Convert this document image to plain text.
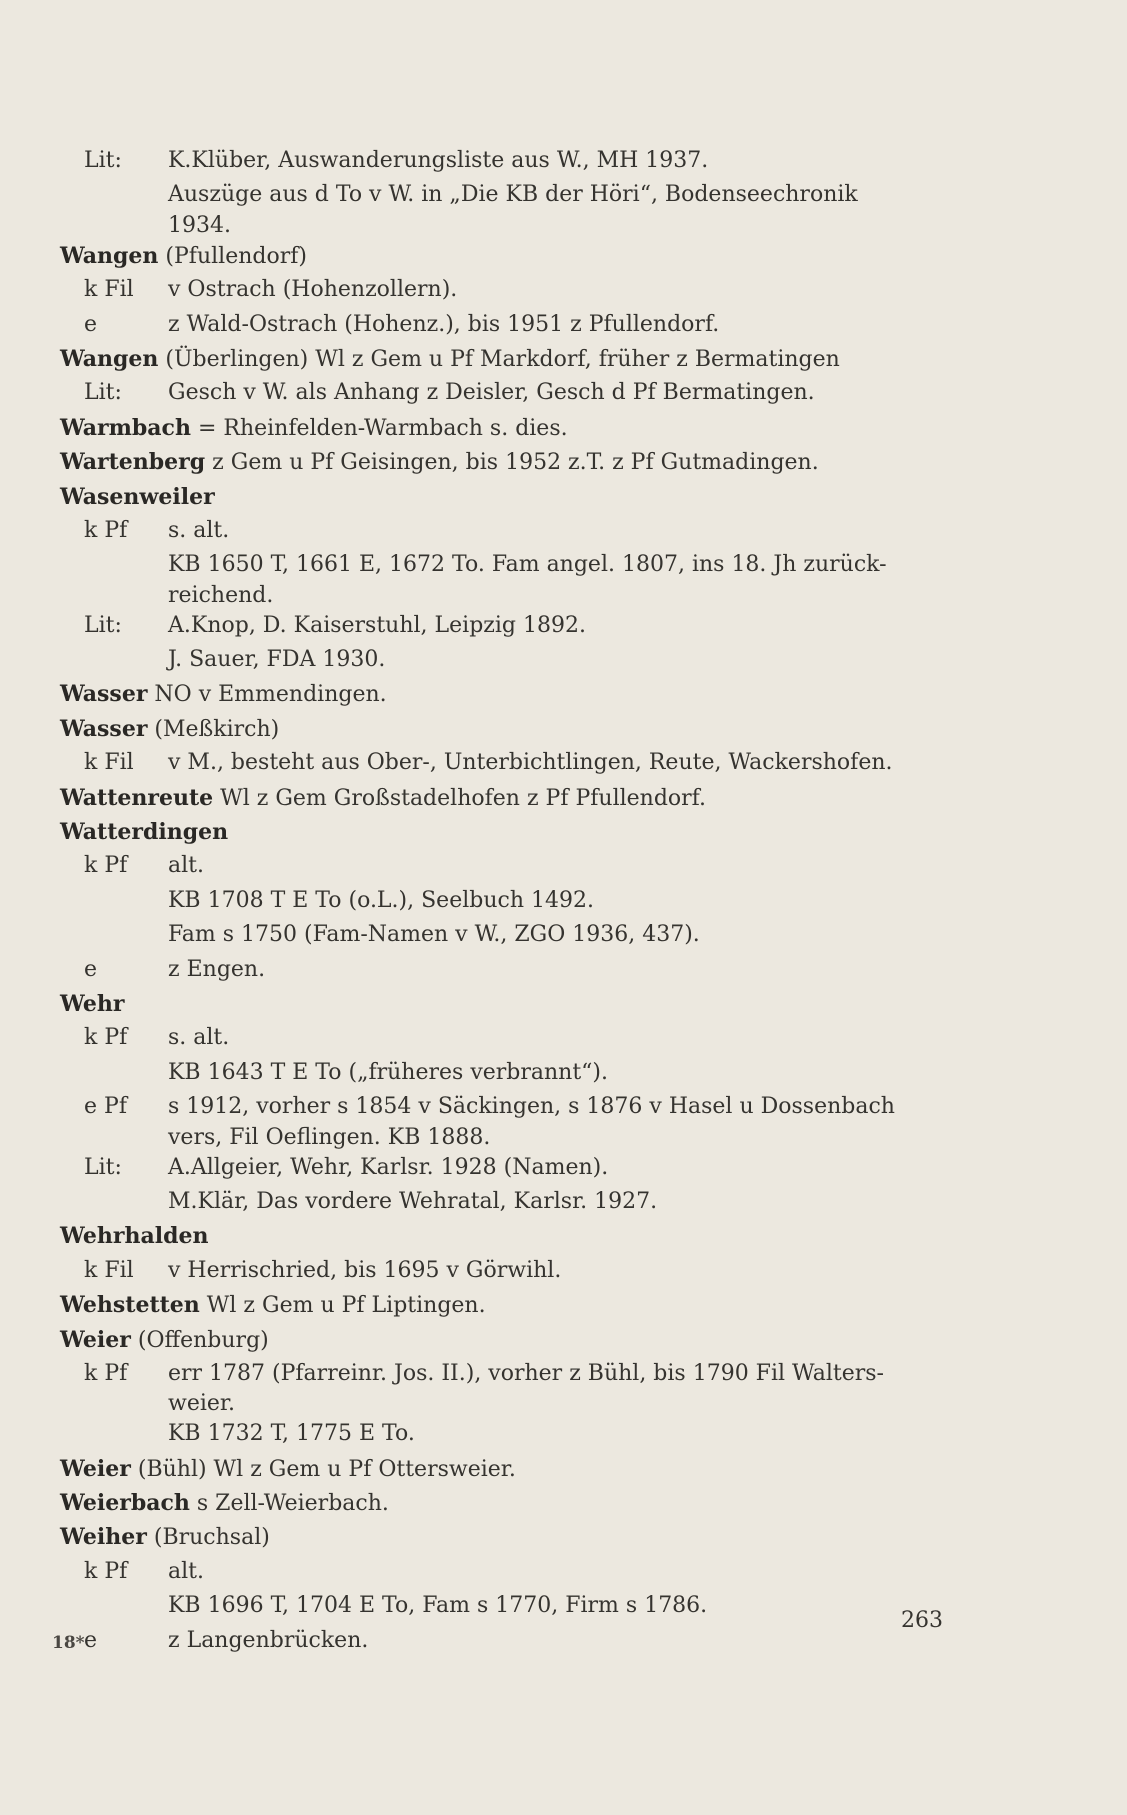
Lit: K.Klüber, Auswanderungsliste aus W., MH 1937.
Auszüge aus d To v W. in „Die KB der Höri“, Bodenseechronik
1934.
Wangen (Pfullendorf)
k Fil v Ostrach (Hohenzollern).
e	z Wald-Ostrach (Hohenz.), bis 1951 z Pfullendorf.
Wangen (Überlingen) Wl z Gem u Pf Markdorf, früher z Bermatingen
Lit: Gesch v W. als Anhang z Deisler, Gesch d Pf Bermatingen.
Warmbach = Rheinfelden-Warmbach s. dies.
Wartenberg z Gem u Pf Geisingen, bis 1952 z.T. z Pf Gutmadingen.
Wasenweiler
k Pf s. alt.
KB 1650 T, 1661 E, 1672 To. Fam angel. 1807, ins 18. Jh zurück-
reichend.
Lit: A.Knop, D. Kaiserstuhl, Leipzig 1892.
J. Sauer, FDA 1930.
Wasser NO v Emmendingen.
Wasser (Meßkirch)
k Fil v M., besteht aus Ober-, Unterbichtlingen, Reute, Wackershofen.
Wattenreute Wl z Gem Großstadelhofen z Pf Pfullendorf.
Watterdingen
k Pf alt.
KB 1708 T E To (o.L.), Seelbuch 1492.
Fam s 1750 (Fam-Namen v W., ZGO 1936, 437).
e	z Engen.
Wehr
k Pf s. alt.
KB 1643 T E To („früheres verbrannt“).
e Pf s 1912, vorher s 1854 v Säckingen, s 1876 v Hasel u Dossenbach
vers, Fil Oeflingen. KB 1888.
Lit: A.Allgeier, Wehr, Karlsr. 1928 (Namen).
M.Klär, Das vordere Wehratal, Karlsr. 1927.
Wehrhalden
k Fil v Herrischried, bis 1695 v Görwihl.
Wehstetten Wl z Gem u Pf Liptingen.
Weier (Offenburg)
k Pf err 1787 (Pfarreinr. Jos. II.), vorher z Bühl, bis 1790 Fil Walters-
weier.
KB 1732 T, 1775 E To.
Weier (Bühl) Wl z Gem u Pf Ottersweier.
Weierbach s Zell-Weierbach.
Weiher (Bruchsal)
k Pf alt.
KB 1696 T, 1704 E To, Fam s 1770, Firm s 1786.
e	z Langenbrücken.
18*
263
